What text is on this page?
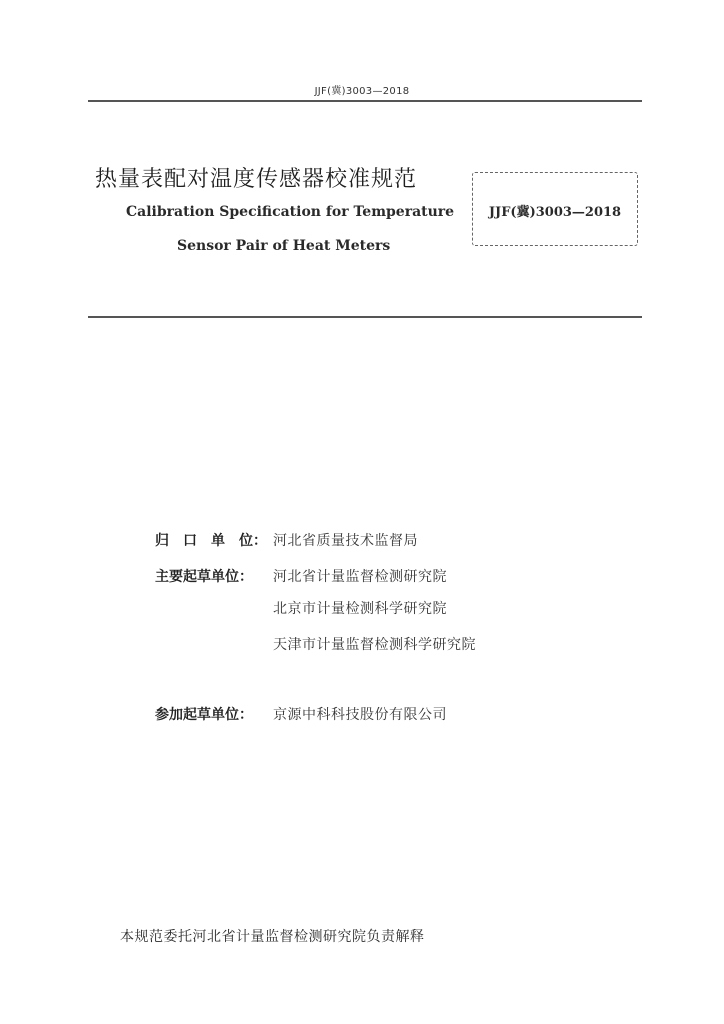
JJF(冀)3003—2018
热量表配对温度传感器校准规范
Calibration Specification for Temperature
Sensor Pair of Heat Meters
JJF(冀)3003—2018
归　口　单　位： 河北省质量技术监督局
主要起草单位： 河北省计量监督检测研究院
北京市计量检测科学研究院
天津市计量监督检测科学研究院
参加起草单位： 京源中科科技股份有限公司
本规范委托河北省计量监督检测研究院负责解释
